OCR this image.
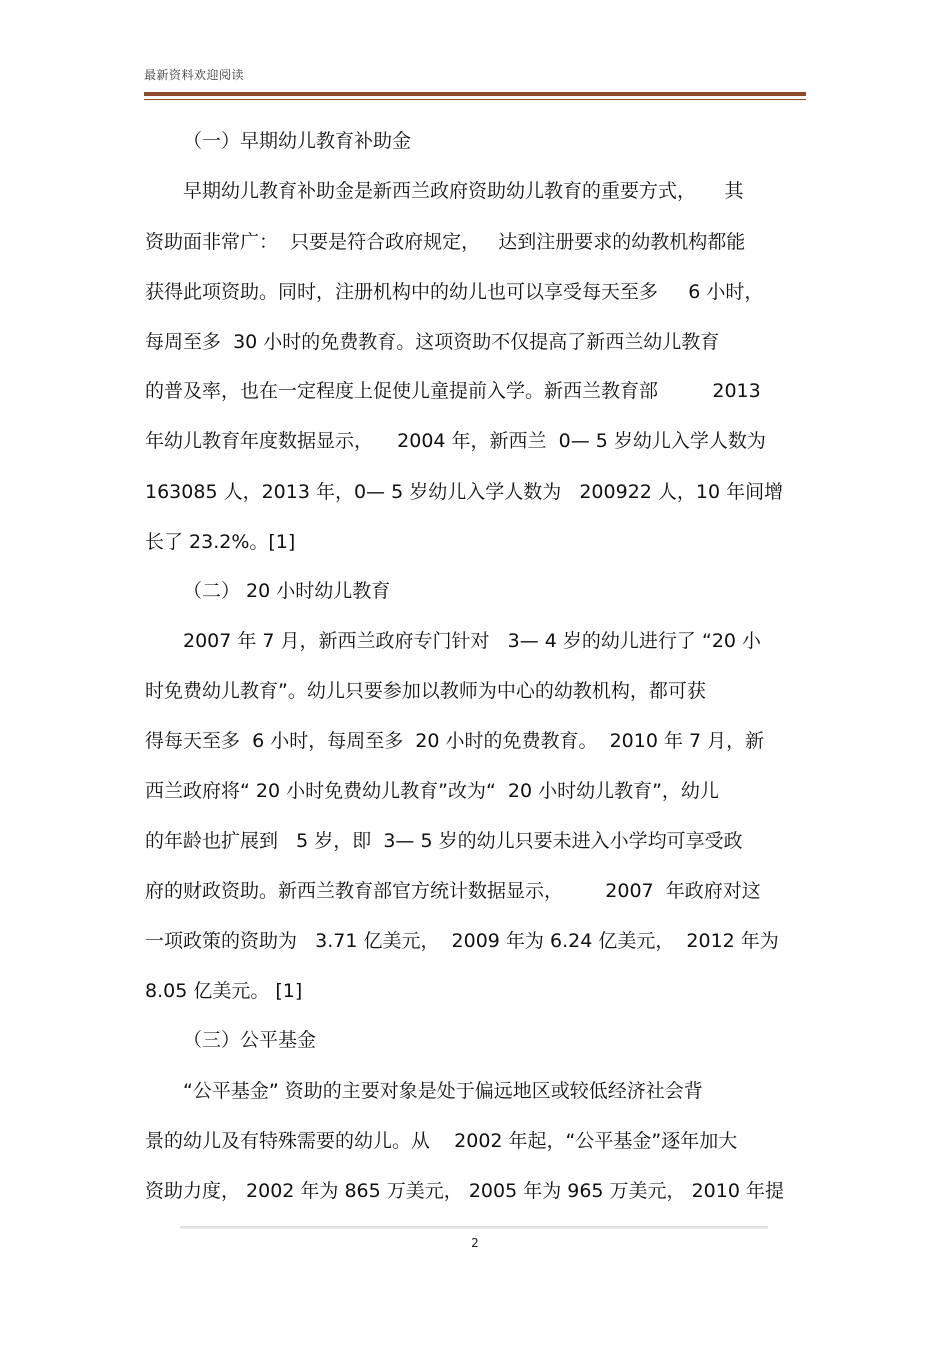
最新资料欢迎阅读
（一）早期幼儿教育补助金
早期幼儿教育补助金是新西兰政府资助幼儿教育的重要方式，　　其
资助面非常广：  只要是符合政府规定，   达到注册要求的幼教机构都能
获得此项资助。同时，注册机构中的幼儿也可以享受每天至多     6 小时，
每周至多  30 小时的免费教育。这项资助不仅提高了新西兰幼儿教育
的普及率，也在一定程度上促使儿童提前入学。新西兰教育部         2013
年幼儿教育年度数据显示，    2004 年，新西兰  0— 5 岁幼儿入学人数为
163085 人，2013 年，0— 5 岁幼儿入学人数为   200922 人，10 年间增
长了 23.2%。[1]
（二） 20 小时幼儿教育
2007 年 7 月，新西兰政府专门针对   3— 4 岁的幼儿进行了 “20 小
时免费幼儿教育”。幼儿只要参加以教师为中心的幼教机构，都可获
得每天至多  6 小时，每周至多  20 小时的免费教育。  2010 年 7 月，新
西兰政府将“ 20 小时免费幼儿教育”改为“  20 小时幼儿教育”，幼儿
的年龄也扩展到   5 岁，即  3— 5 岁的幼儿只要未进入小学均可享受政
府的财政资助。新西兰教育部官方统计数据显示，       2007  年政府对这
一项政策的资助为   3.71 亿美元，  2009 年为 6.24 亿美元，  2012 年为
8.05 亿美元。 [1]
（三）公平基金
“公平基金” 资助的主要对象是处于偏远地区或较低经济社会背
景的幼儿及有特殊需要的幼儿。从    2002 年起，“公平基金”逐年加大
资助力度， 2002 年为 865 万美元， 2005 年为 965 万美元， 2010 年提
2
